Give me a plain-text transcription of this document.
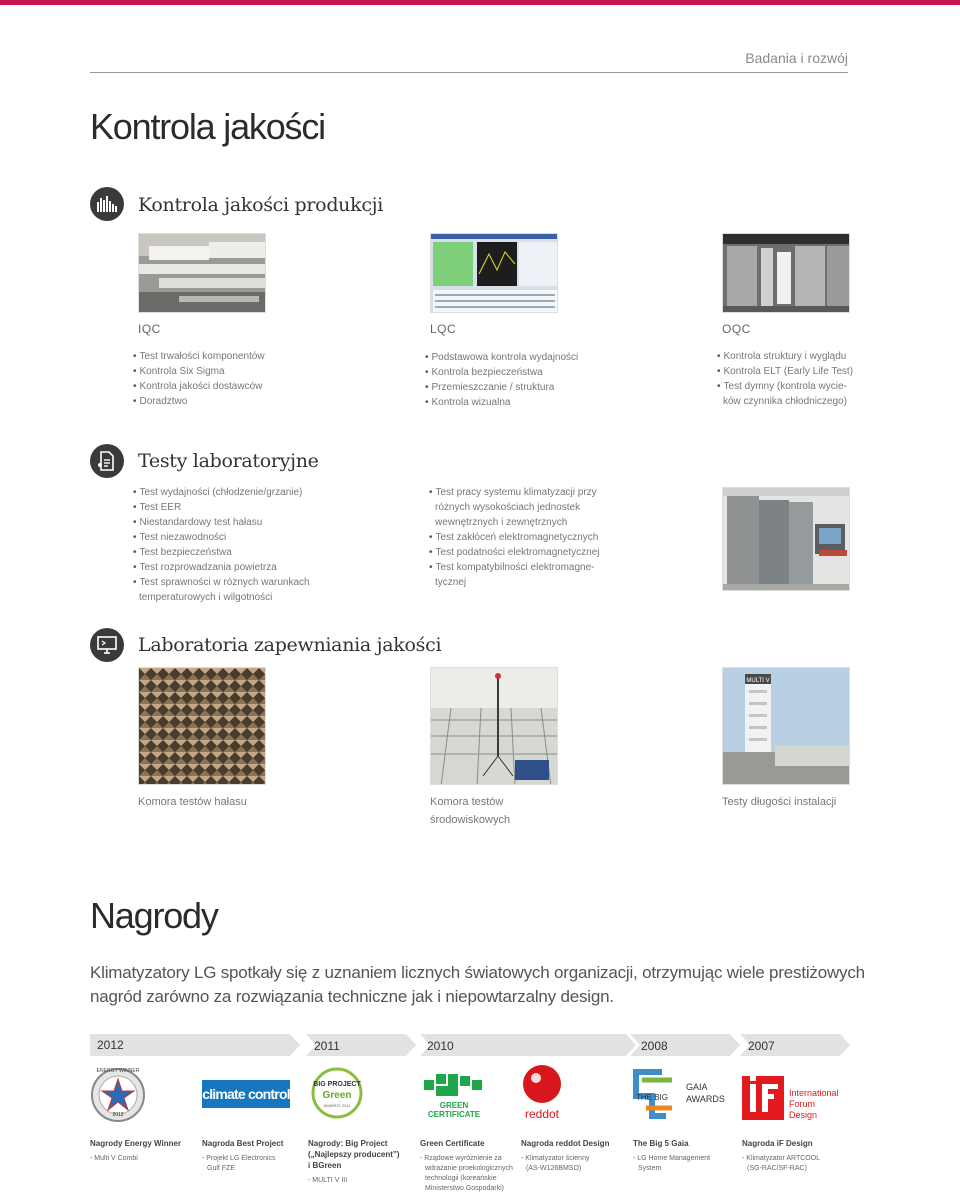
Badania i rozwój
Kontrola jakości
Kontrola jakości produkcji
IQC
• Test trwałości komponentów
• Kontrola Six Sigma
• Kontrola jakości dostawców
• Doradztwo
LQC
• Podstawowa kontrola wydajności
• Kontrola bezpieczeństwa
• Przemieszczanie / struktura
• Kontrola wizualna
OQC
• Kontrola struktury i wyglądu
• Kontrola ELT (Early Life Test)
• Test dymny (kontrola wycie-
ków czynnika chłodniczego)
Testy laboratoryjne
• Test wydajności (chłodzenie/grzanie)
• Test EER
• Niestandardowy test hałasu
• Test niezawodności
• Test bezpieczeństwa
• Test rozprowadzania powietrza
• Test sprawności w różnych warunkach
temperaturowych i wilgotności
• Test pracy systemu klimatyzacji przy
różnych wysokościach jednostek
wewnętrznych i zewnętrznych
• Test zakłóceń elektromagnetycznych
• Test podatności elektromagnetycznej
• Test kompatybilności elektromagne-
tycznej
Laboratoria zapewniania jakości
MULTI V
Komora testów hałasu	Komora testów
środowiskowych
Testy długości instalacji
Nagrody
Klimatyzatory LG spotkały się z uznaniem licznych światowych organizacji, otrzymując wiele prestiżowych
nagród zarówno za rozwiązania techniczne jak i niepowtarzalny design.
2012	2011	2010	2008	2007
ENERGY WINNER
2012
climate control
BIG PROJECT
Green
AWARDS 2011	GREEN
CERTIFICATE	reddot
THE BIG
GAIA
AWARDS
International
Forum
Design
Nagrody Energy Winner
- Multi V Combi
Nagroda Best Project
- Projekt LG Electronics
Gulf FZE
Nagrody: Big Project
(„Najlepszy producent”)
i BGreen
- MULTI V III
Green Certificate
- Rządowe wyróżnienie za
wdrażanie proekologicznych
technologii (koreańskie
Ministerstwo Gospodarki)
Nagroda reddot Design
- Klimatyzator ścienny
(AS-W126BMSO)
The Big 5 Gaia
- LG Home Management
System
Nagroda iF Design
- Klimatyzator ARTCOOL
(SG-RAC/SF-RAC)
